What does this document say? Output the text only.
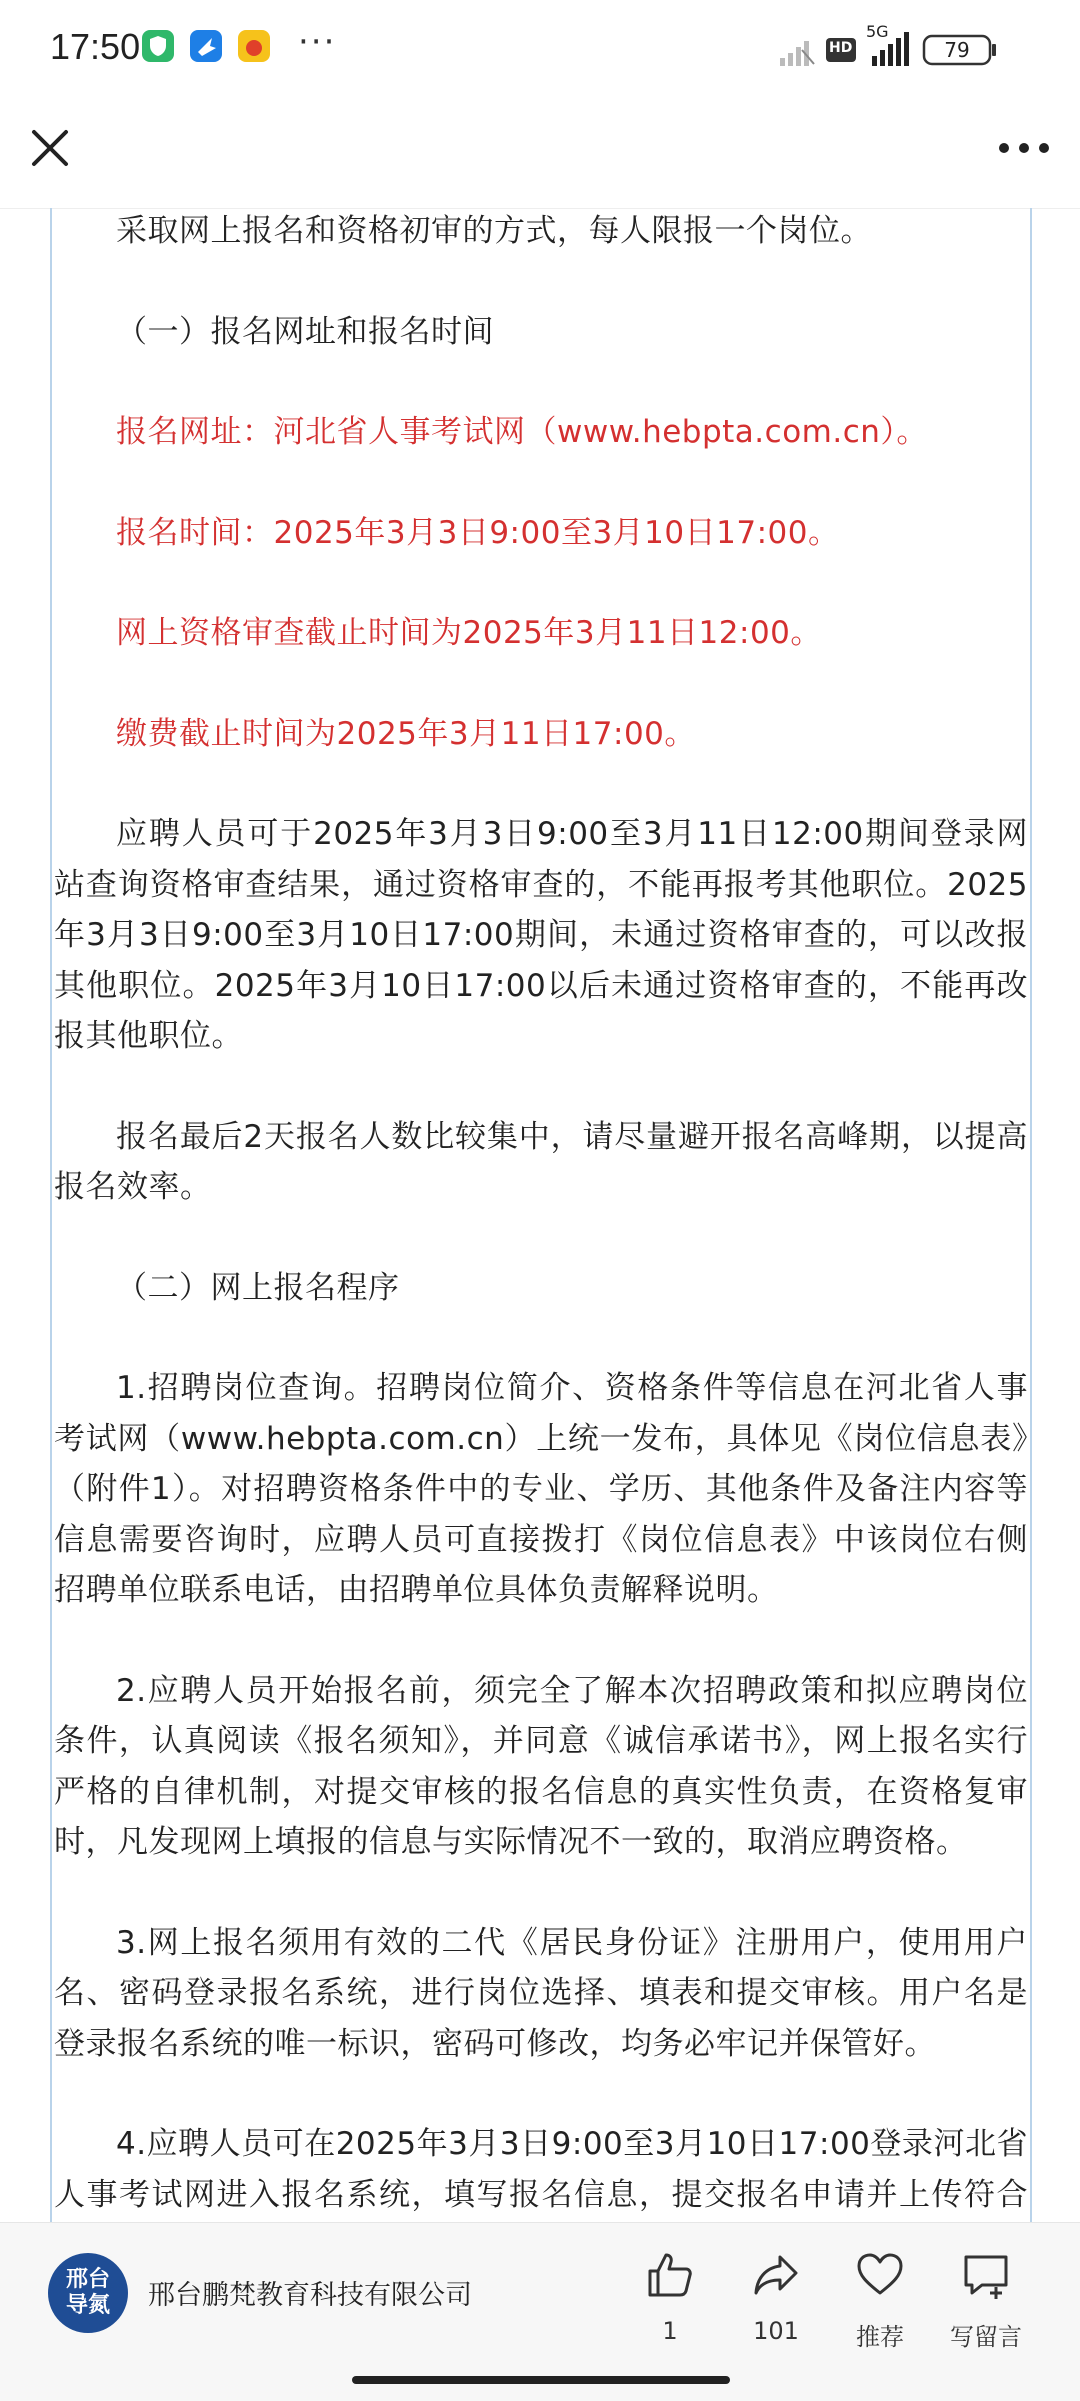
17:50	···	HD
5G
79

采取网上报名和资格初审的方式，每人限报一个岗位。

（一）报名网址和报名时间

报名网址：河北省人事考试网（www.hebpta.com.cn）。

报名时间：2025年3月3日9:00至3月10日17:00。

网上资格审查截止时间为2025年3月11日12:00。

缴费截止时间为2025年3月11日17:00。

应聘人员可于2025年3月3日9:00至3月11日12:00期间登录网站查询资格审查结果，通过资格审查的，不能再报考其他职位。2025年3月3日9:00至3月10日17:00期间，未通过资格审查的，可以改报其他职位。2025年3月10日17:00以后未通过资格审查的，不能再改报其他职位。

报名最后2天报名人数比较集中，请尽量避开报名高峰期，以提高报名效率。

（二）网上报名程序

1.招聘岗位查询。招聘岗位简介、资格条件等信息在河北省人事考试网（www.hebpta.com.cn）上统一发布，具体见《岗位信息表》（附件1）。对招聘资格条件中的专业、学历、其他条件及备注内容等信息需要咨询时，应聘人员可直接拨打《岗位信息表》中该岗位右侧招聘单位联系电话，由招聘单位具体负责解释说明。

2.应聘人员开始报名前，须完全了解本次招聘政策和拟应聘岗位条件，认真阅读《报名须知》，并同意《诚信承诺书》，网上报名实行严格的自律机制，对提交审核的报名信息的真实性负责，在资格复审时，凡发现网上填报的信息与实际情况不一致的，取消应聘资格。

3.网上报名须用有效的二代《居民身份证》注册用户，使用用户名、密码登录报名系统，进行岗位选择、填表和提交审核。用户名是登录报名系统的唯一标识，密码可修改，均务必牢记并保管好。

4.应聘人员可在2025年3月3日9:00至3月10日17:00登录河北省人事考试网进入报名系统，填写报名信息，提交报名申请并上传符合

邢台
导氮	邢台鹏梵教育科技有限公司
1	101	推荐	写留言
